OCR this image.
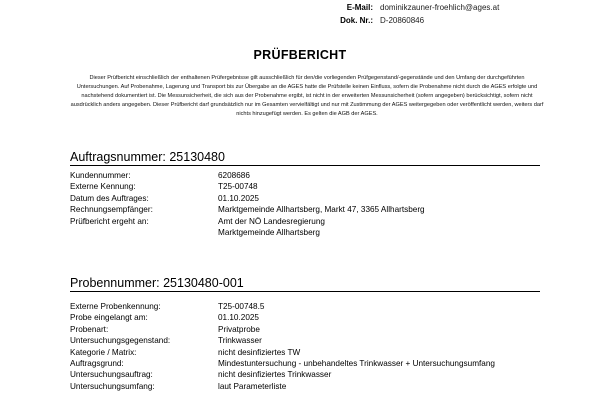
E-Mail: dominikzauner-froehlich@ages.at
Dok. Nr.: D-20860846
PRÜFBERICHT
Dieser Prüfbericht einschließlich der enthaltenen Prüfergebnisse gilt ausschließlich für den/die vorliegenden Prüfgegenstand/-gegenstände und den Umfang der durchgeführten Untersuchungen. Auf Probenahme, Lagerung und Transport bis zur Übergabe an die AGES hatte die Prüfstelle keinen Einfluss, sofern die Probenahme nicht durch die AGES erfolgte und nachstehend dokumentiert ist. Die Messunsicherheit, die sich aus der Probenahme ergibt, ist nicht in der erweiterten Messunsicherheit (sofern angegeben) berücksichtigt, sofern nicht ausdrücklich anders angegeben. Dieser Prüfbericht darf grundsätzlich nur im Gesamten vervielfältigt und nur mit Zustimmung der AGES weitergegeben oder veröffentlicht werden, weiters darf nichts hinzugefügt werden. Es gelten die AGB der AGES.
Auftragsnummer: 25130480
Kundennummer:	6208686
Externe Kennung:	T25-00748
Datum des Auftrages:	01.10.2025
Rechnungsempfänger:	Marktgemeinde Allhartsberg, Markt 47, 3365 Allhartsberg
Prüfbericht ergeht an:	Amt der NÖ Landesregierung
Marktgemeinde Allhartsberg
Probennummer: 25130480-001
Externe Probenkennung:	T25-00748.5
Probe eingelangt am:	01.10.2025
Probenart:	Privatprobe
Untersuchungsgegenstand:	Trinkwasser
Kategorie / Matrix:	nicht desinfiziertes TW
Auftragsgrund:	Mindestuntersuchung - unbehandeltes Trinkwasser + Untersuchungsumfang
Untersuchungsauftrag:	nicht desinfiziertes Trinkwasser
Untersuchungsumfang:	laut Parameterliste
